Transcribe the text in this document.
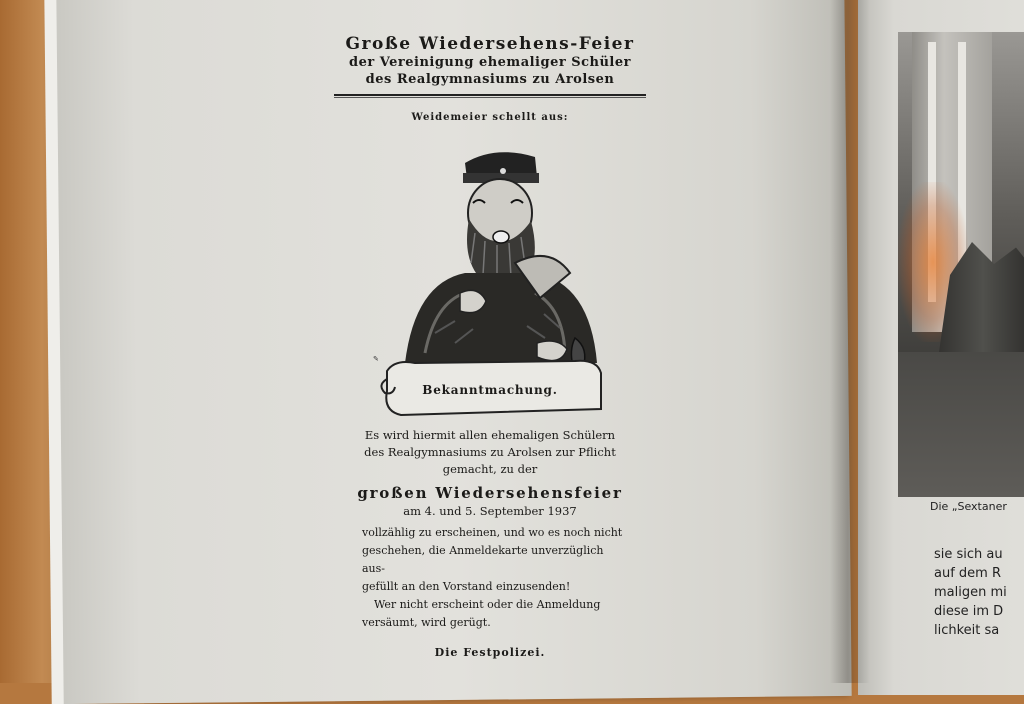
Große Wiedersehens-Feier
der Vereinigung ehemaliger Schüler
des Realgymnasiums zu Arolsen
Weidemeier schellt aus:
✎
Bekanntmachung.
Es wird hiermit allen ehemaligen Schülern
des Realgymnasiums zu Arolsen zur Pflicht
gemacht, zu der
großen Wiedersehensfeier
am 4. und 5. September 1937
vollzählig zu erscheinen, und wo es noch nicht
geschehen, die Anmeldekarte unverzüglich aus-
gefüllt an den Vorstand einzusenden!
Wer nicht erscheint oder die Anmeldung
versäumt, wird gerügt.
Die Festpolizei.
Die „Sextaner
sie sich au
auf dem R
maligen mi
diese im D
lichkeit sa
